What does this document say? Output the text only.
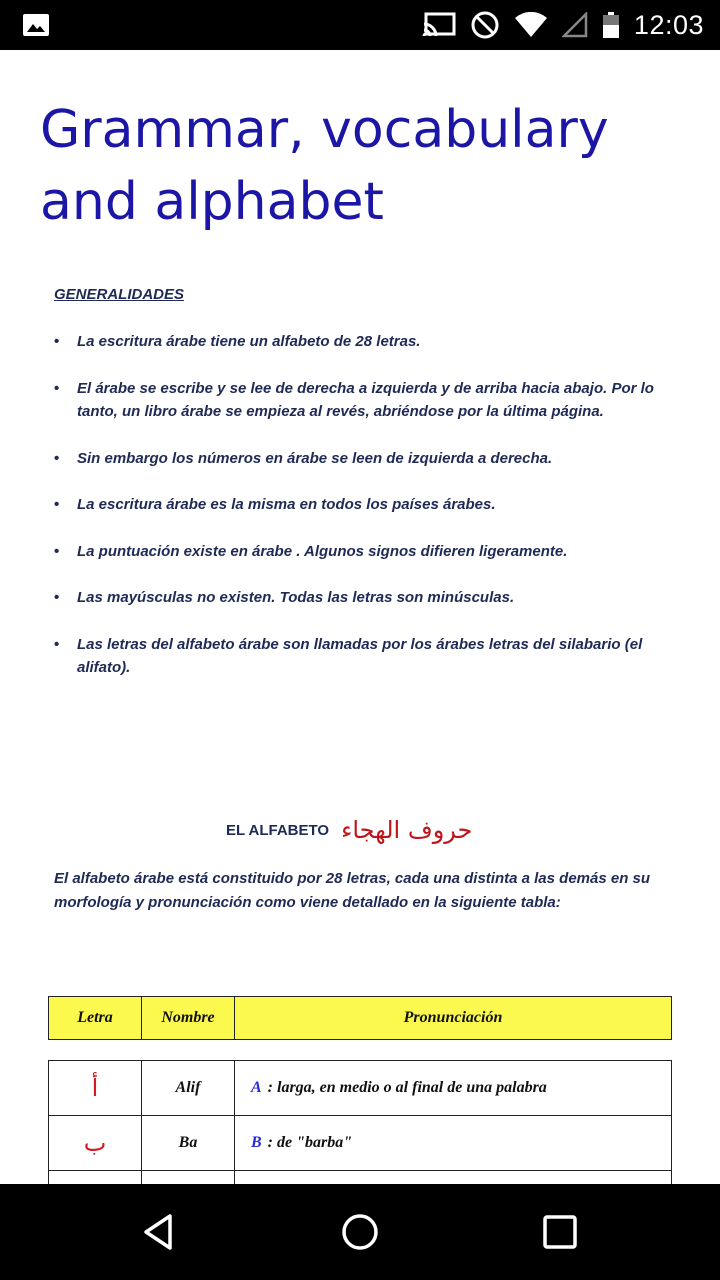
12:03
GENERALIDADES
• La escritura árabe tiene un alfabeto de 28 letras.
• El árabe se escribe y se lee de derecha a izquierda y de arriba hacia abajo. Por lo tanto, un libro árabe se empieza al revés, abriéndose por la última página.
• Sin embargo los números en árabe se leen de izquierda a derecha.
• La escritura árabe es la misma en todos los países árabes.
• La puntuación existe en árabe . Algunos signos difieren ligeramente.
• Las mayúsculas no existen. Todas las letras son minúsculas.
• Las letras del alfabeto árabe son llamadas por los árabes letras del silabario (el alifato).
EL ALFABETO حروف الهجاء
El alfabeto árabe está constituido por 28 letras, cada una distinta a las demás en su morfología y pronunciación como viene detallado en la siguiente tabla:
Letra	Nombre	Pronunciación
أ	Alif	A : larga, en medio o al final de una palabra
ب	Ba	B : de "barba"

Grammar, vocabulary and alphabet
